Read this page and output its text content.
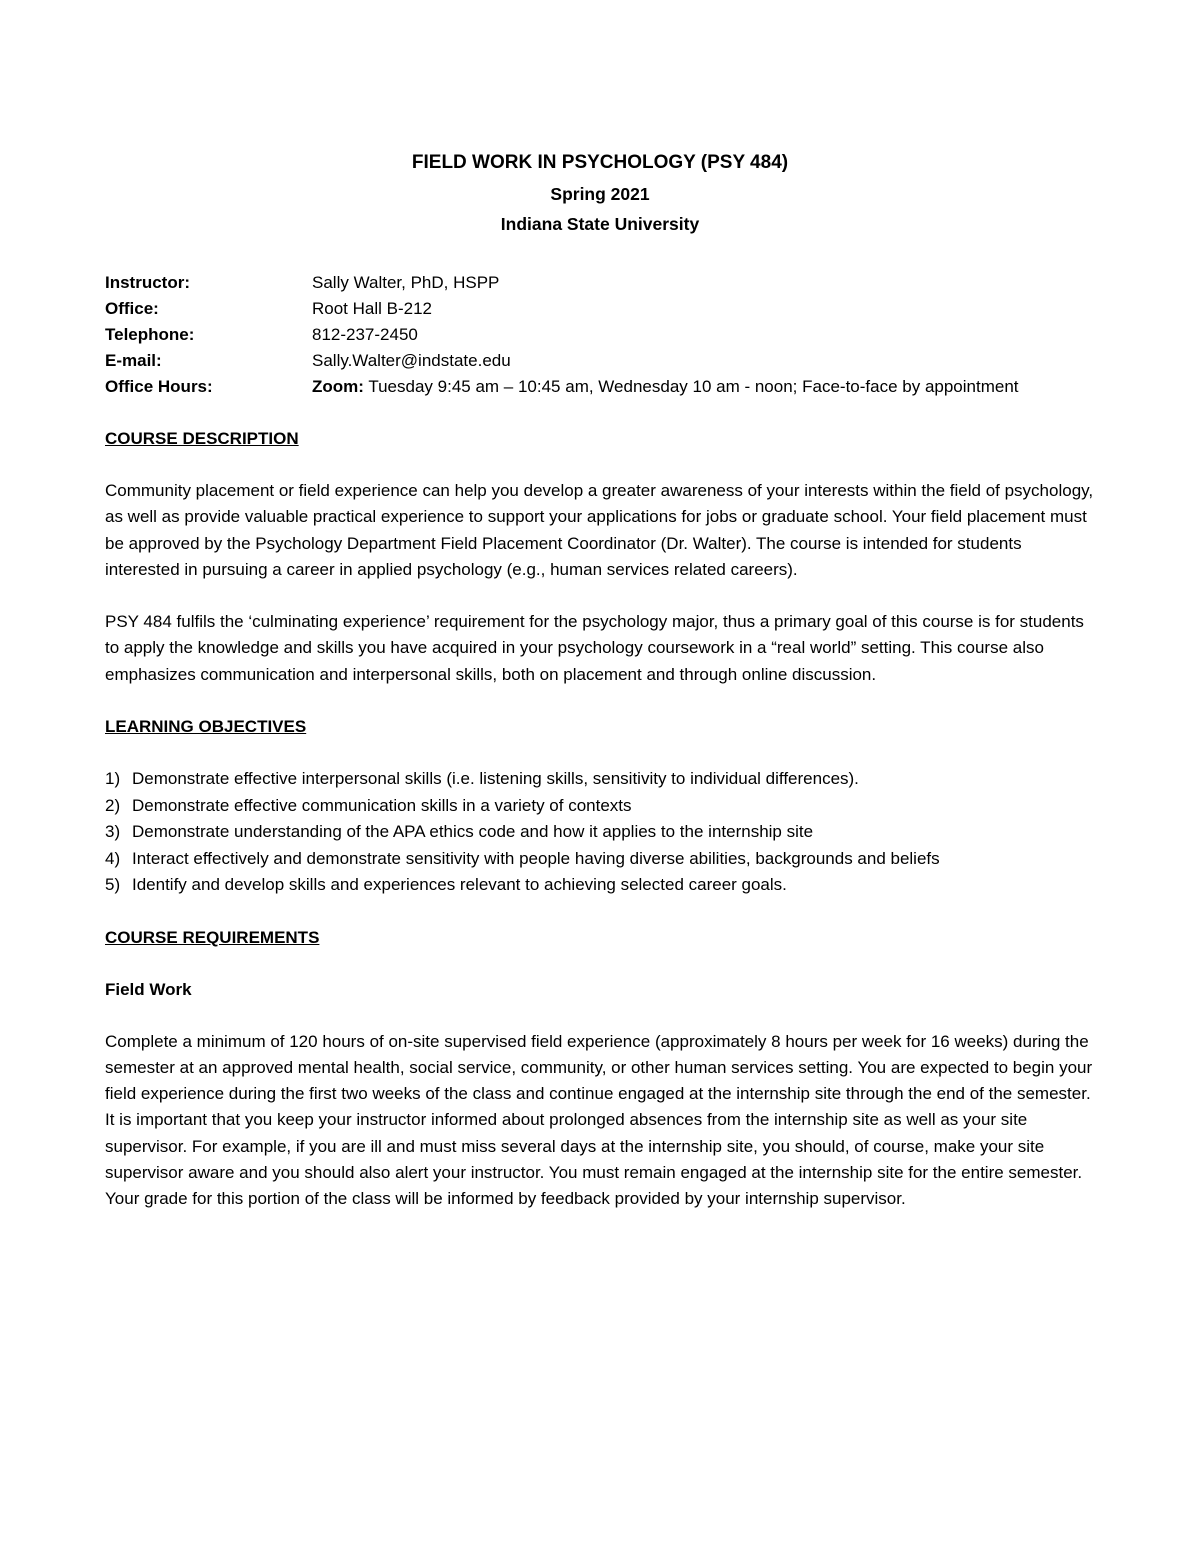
FIELD WORK IN PSYCHOLOGY (PSY 484)

Spring 2021

Indiana State University

Instructor:	Sally Walter, PhD, HSPP
Office:	Root Hall B-212
Telephone:	812-237-2450
E-mail:	Sally.Walter@indstate.edu
Office Hours:	Zoom: Tuesday 9:45 am – 10:45 am, Wednesday 10 am - noon; Face-to-face by appointment

COURSE DESCRIPTION

Community placement or field experience can help you develop a greater awareness of your interests within the field of psychology, as well as provide valuable practical experience to support your applications for jobs or graduate school. Your field placement must be approved by the Psychology Department Field Placement Coordinator (Dr. Walter). The course is intended for students interested in pursuing a career in applied psychology (e.g., human services related careers).

PSY 484 fulfils the ‘culminating experience’ requirement for the psychology major, thus a primary goal of this course is for students to apply the knowledge and skills you have acquired in your psychology coursework in a “real world” setting. This course also emphasizes communication and interpersonal skills, both on placement and through online discussion.

LEARNING OBJECTIVES

1) Demonstrate effective interpersonal skills (i.e. listening skills, sensitivity to individual differences).
2) Demonstrate effective communication skills in a variety of contexts
3) Demonstrate understanding of the APA ethics code and how it applies to the internship site
4) Interact effectively and demonstrate sensitivity with people having diverse abilities, backgrounds and beliefs
5) Identify and develop skills and experiences relevant to achieving selected career goals.

COURSE REQUIREMENTS

Field Work

Complete a minimum of 120 hours of on-site supervised field experience (approximately 8 hours per week for 16 weeks) during the semester at an approved mental health, social service, community, or other human services setting. You are expected to begin your field experience during the first two weeks of the class and continue engaged at the internship site through the end of the semester. It is important that you keep your instructor informed about prolonged absences from the internship site as well as your site supervisor. For example, if you are ill and must miss several days at the internship site, you should, of course, make your site supervisor aware and you should also alert your instructor. You must remain engaged at the internship site for the entire semester. Your grade for this portion of the class will be informed by feedback provided by your internship supervisor.
